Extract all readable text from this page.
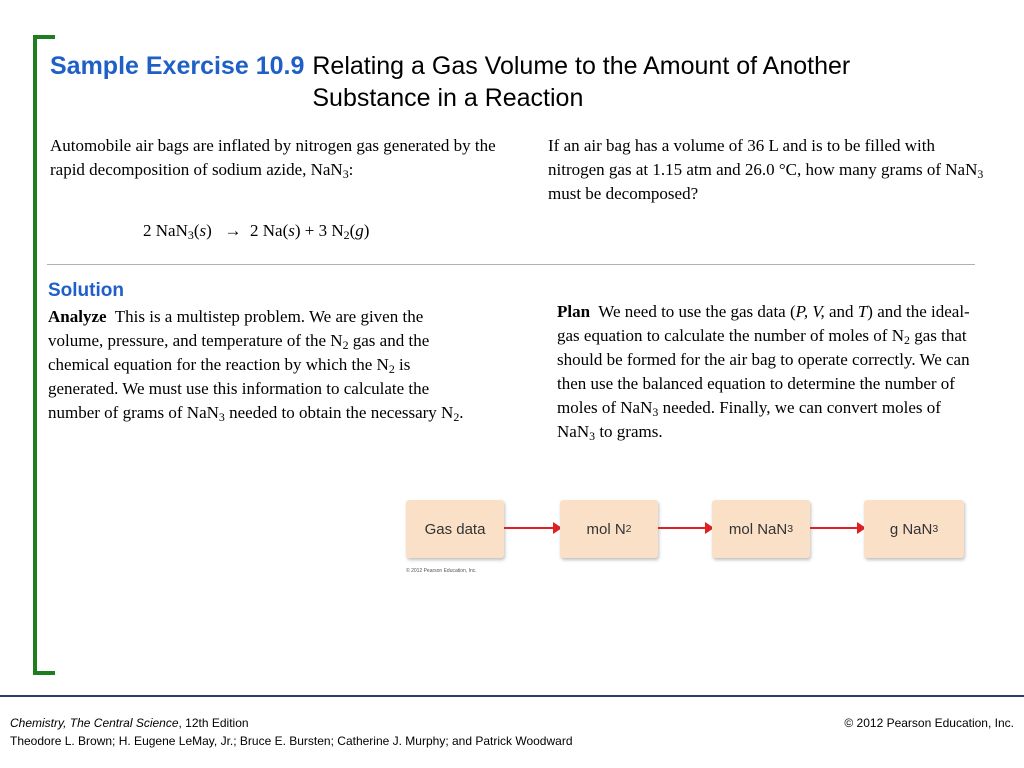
Sample Exercise 10.9 Relating a Gas Volume to the Amount of Another Substance in a Reaction
Automobile air bags are inflated by nitrogen gas generated by the rapid decomposition of sodium azide, NaN$_3$:
If an air bag has a volume of 36 L and is to be filled with nitrogen gas at 1.15 atm and 26.0 °C, how many grams of NaN$_3$ must be decomposed?
2 NaN$_3$(s)   → 2 Na(s) + 3 $N_2(g)$
Solution
Analyze This is a multistep problem. We are given the volume, pressure, and temperature of the $N_2$ gas and the chemical equation for the reaction by which the $N_2$ is generated. We must use this information to calculate the number of grams of NaN$_3$ needed to obtain the necessary $N_2$.
Plan We need to use the gas data (P, V, and T) and the ideal-gas equation to calculate the number of moles of $N_2$ gas that should be formed for the air bag to operate correctly. We can then use the balanced equation to determine the number of moles of NaN$_3$ needed. Finally, we can convert moles of NaN$_3$ to grams.
Gas data	mol N 2	mol NaN 3	g NaN 3
© 2012 Pearson Education, Inc.
Chemistry, The Central Science, 12th Edition
Theodore L. Brown; H. Eugene LeMay, Jr.; Bruce E. Bursten; Catherine J. Murphy; and Patrick Woodward
© 2012 Pearson Education, Inc.
